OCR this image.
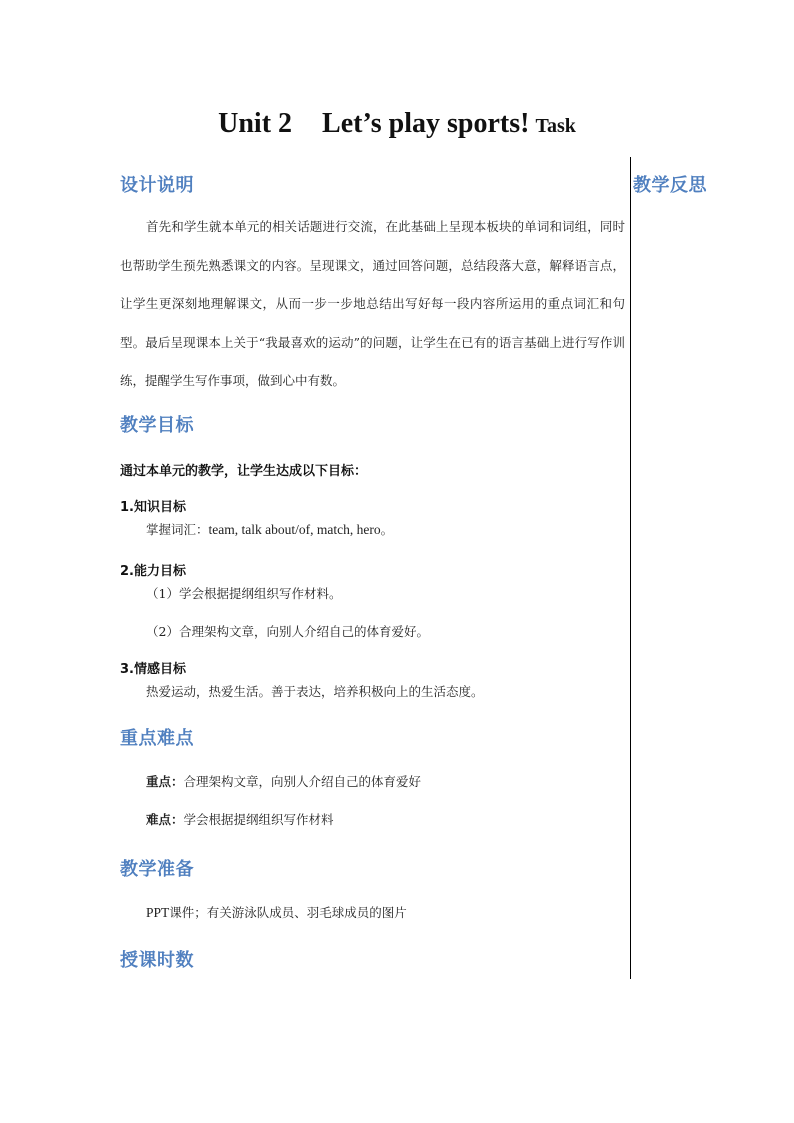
Unit 2 Let’s play sports! Task
教学反思
设计说明

首先和学生就本单元的相关话题进行交流，在此基础上呈现本板块的单词和词组，同时也帮助学生预先熟悉课文的内容。呈现课文，通过回答问题，总结段落大意，解释语言点，让学生更深刻地理解课文，从而一步一步地总结出写好每一段内容所运用的重点词汇和句型。最后呈现课本上关于“我最喜欢的运动”的问题，让学生在已有的语言基础上进行写作训练，提醒学生写作事项，做到心中有数。

教学目标
通过本单元的教学，让学生达成以下目标：
1.知识目标
掌握词汇：team, talk about/of, match, hero。
2.能力目标
（1）学会根据提纲组织写作材料。
（2）合理架构文章，向别人介绍自己的体育爱好。
3.情感目标
热爱运动，热爱生活。善于表达，培养积极向上的生活态度。
重点难点
重点：合理架构文章，向别人介绍自己的体育爱好
难点：学会根据提纲组织写作材料
教学准备
PPT课件；有关游泳队成员、羽毛球成员的图片
授课时数
